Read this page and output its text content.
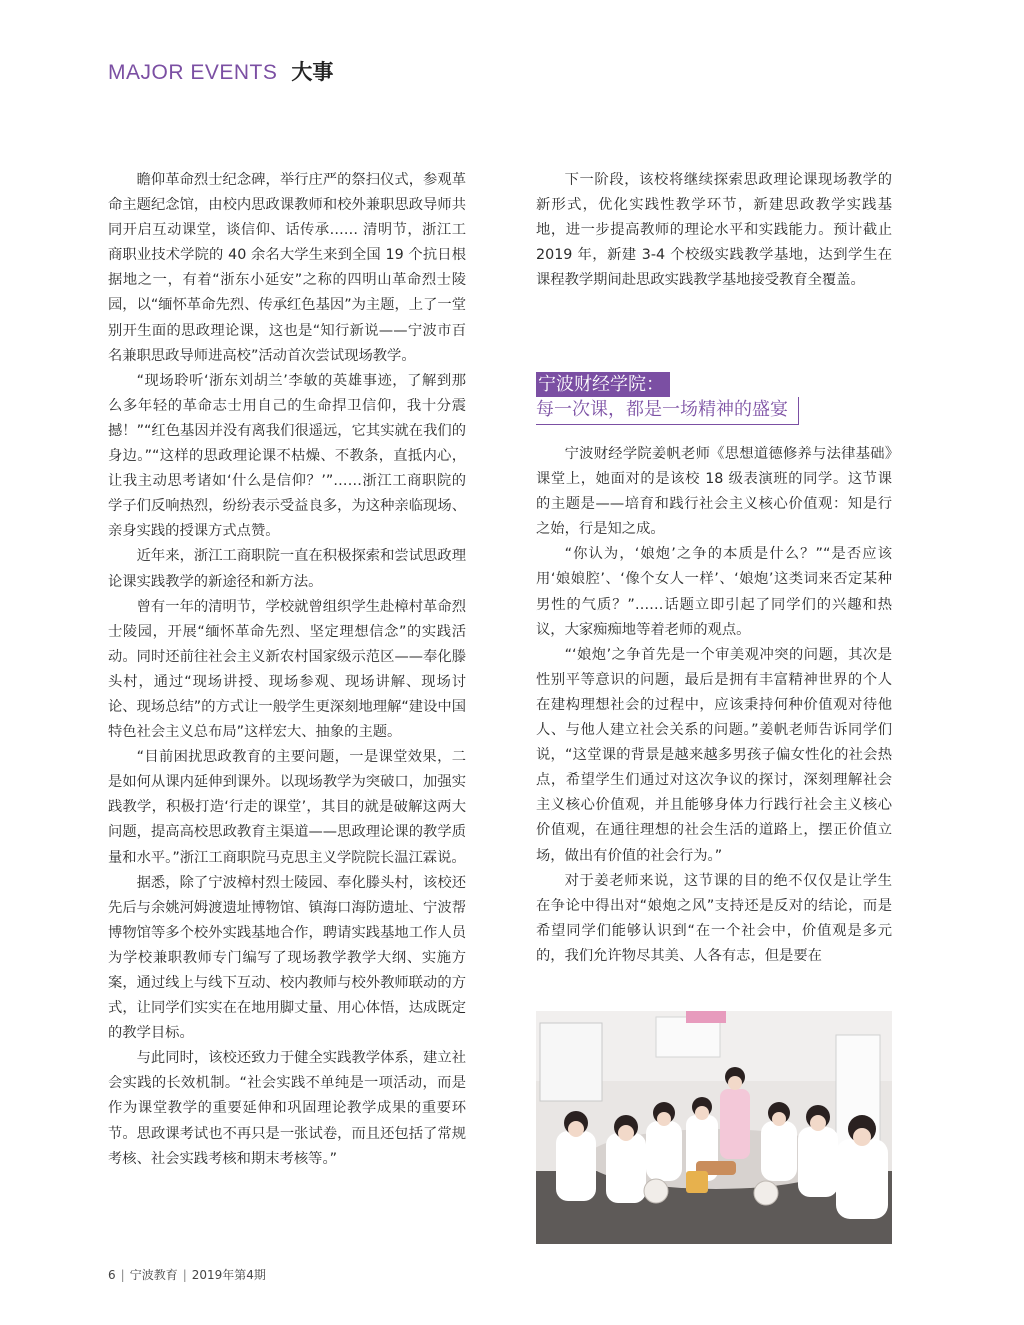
MAJOR EVENTS 大事

瞻仰革命烈士纪念碑，举行庄严的祭扫仪式，参观革命主题纪念馆，由校内思政课教师和校外兼职思政导师共同开启互动课堂，谈信仰、话传承…… 清明节，浙江工商职业技术学院的 40 余名大学生来到全国 19 个抗日根据地之一，有着“浙东小延安”之称的四明山革命烈士陵园，以“缅怀革命先烈、传承红色基因”为主题，上了一堂别开生面的思政理论课，这也是“知行新说——宁波市百名兼职思政导师进高校”活动首次尝试现场教学。

“现场聆听‘浙东刘胡兰’李敏的英雄事迹，了解到那么多年轻的革命志士用自己的生命捍卫信仰，我十分震撼！”“红色基因并没有离我们很遥远，它其实就在我们的身边。”“这样的思政理论课不枯燥、不教条，直抵内心，让我主动思考诸如‘什么是信仰？’”……浙江工商职院的学子们反响热烈，纷纷表示受益良多，为这种亲临现场、亲身实践的授课方式点赞。

近年来，浙江工商职院一直在积极探索和尝试思政理论课实践教学的新途径和新方法。

曾有一年的清明节，学校就曾组织学生赴樟村革命烈士陵园，开展“缅怀革命先烈、坚定理想信念”的实践活动。同时还前往社会主义新农村国家级示范区——奉化滕头村，通过“现场讲授、现场参观、现场讲解、现场讨论、现场总结”的方式让一般学生更深刻地理解“建设中国特色社会主义总布局”这样宏大、抽象的主题。

“目前困扰思政教育的主要问题，一是课堂效果，二是如何从课内延伸到课外。以现场教学为突破口，加强实践教学，积极打造‘行走的课堂’，其目的就是破解这两大问题，提高高校思政教育主渠道——思政理论课的教学质量和水平。”浙江工商职院马克思主义学院院长温江霖说。

据悉，除了宁波樟村烈士陵园、奉化滕头村，该校还先后与余姚河姆渡遗址博物馆、镇海口海防遗址、宁波帮博物馆等多个校外实践基地合作，聘请实践基地工作人员为学校兼职教师专门编写了现场教学教学大纲、实施方案，通过线上与线下互动、校内教师与校外教师联动的方式，让同学们实实在在地用脚丈量、用心体悟，达成既定的教学目标。

与此同时，该校还致力于健全实践教学体系，建立社会实践的长效机制。“社会实践不单纯是一项活动，而是作为课堂教学的重要延伸和巩固理论教学成果的重要环节。思政课考试也不再只是一张试卷，而且还包括了常规考核、社会实践考核和期末考核等。”

下一阶段，该校将继续探索思政理论课现场教学的新形式，优化实践性教学环节，新建思政教学实践基地，进一步提高教师的理论水平和实践能力。预计截止 2019 年，新建 3-4 个校级实践教学基地，达到学生在课程教学期间赴思政实践教学基地接受教育全覆盖。

宁波财经学院：
每一次课，都是一场精神的盛宴

宁波财经学院姜帆老师《思想道德修养与法律基础》课堂上，她面对的是该校 18 级表演班的同学。这节课的主题是——培育和践行社会主义核心价值观：知是行之始，行是知之成。

“你认为，‘娘炮’之争的本质是什么？”“是否应该用‘娘娘腔’、‘像个女人一样’、‘娘炮’这类词来否定某种男性的气质？”……话题立即引起了同学们的兴趣和热议，大家痴痴地等着老师的观点。

“‘娘炮’之争首先是一个审美观冲突的问题，其次是性别平等意识的问题，最后是拥有丰富精神世界的个人在建构理想社会的过程中，应该秉持何种价值观对待他人、与他人建立社会关系的问题。”姜帆老师告诉同学们说，“这堂课的背景是越来越多男孩子偏女性化的社会热点，希望学生们通过对这次争议的探讨，深刻理解社会主义核心价值观，并且能够身体力行践行社会主义核心价值观，在通往理想的社会生活的道路上，摆正价值立场，做出有价值的社会行为。”

对于姜老师来说，这节课的目的绝不仅仅是让学生在争论中得出对“娘炮之风”支持还是反对的结论，而是希望同学们能够认识到“在一个社会中，价值观是多元的，我们允许物尽其美、人各有志，但是要在

6 | 宁波教育 | 2019年第4期
